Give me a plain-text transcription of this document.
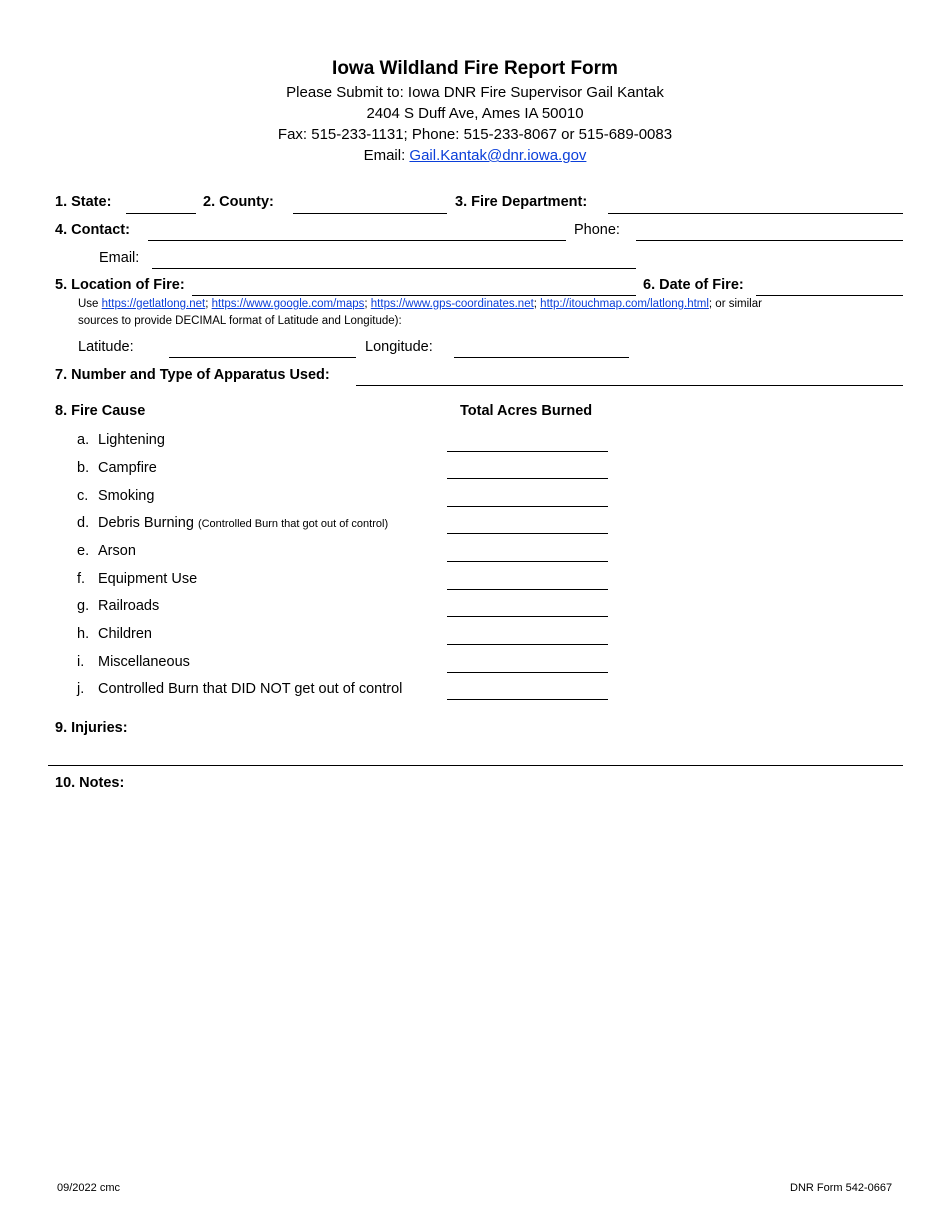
Iowa Wildland Fire Report Form
Please Submit to: Iowa DNR Fire Supervisor Gail Kantak
2404 S Duff Ave, Ames IA 50010
Fax: 515-233-1131; Phone: 515-233-8067 or 515-689-0083
Email: Gail.Kantak@dnr.iowa.gov
1. State:	2. County:	3. Fire Department:
4. Contact:	Phone:
Email:
5. Location of Fire:	6. Date of Fire:
Use https://getlatlong.net; https://www.google.com/maps; https://www.gps-coordinates.net; http://itouchmap.com/latlong.html; or similar
sources to provide DECIMAL format of Latitude and Longitude):
Latitude:	Longitude:
7. Number and Type of Apparatus Used:
8. Fire Cause	Total Acres Burned
a. Lightening
b. Campfire
c. Smoking
d. Debris Burning (Controlled Burn that got out of control)
e. Arson
f. Equipment Use
g. Railroads
h. Children
i. Miscellaneous
j. Controlled Burn that DID NOT get out of control
9. Injuries:
10. Notes:
09/2022 cmc	DNR Form 542-0667
